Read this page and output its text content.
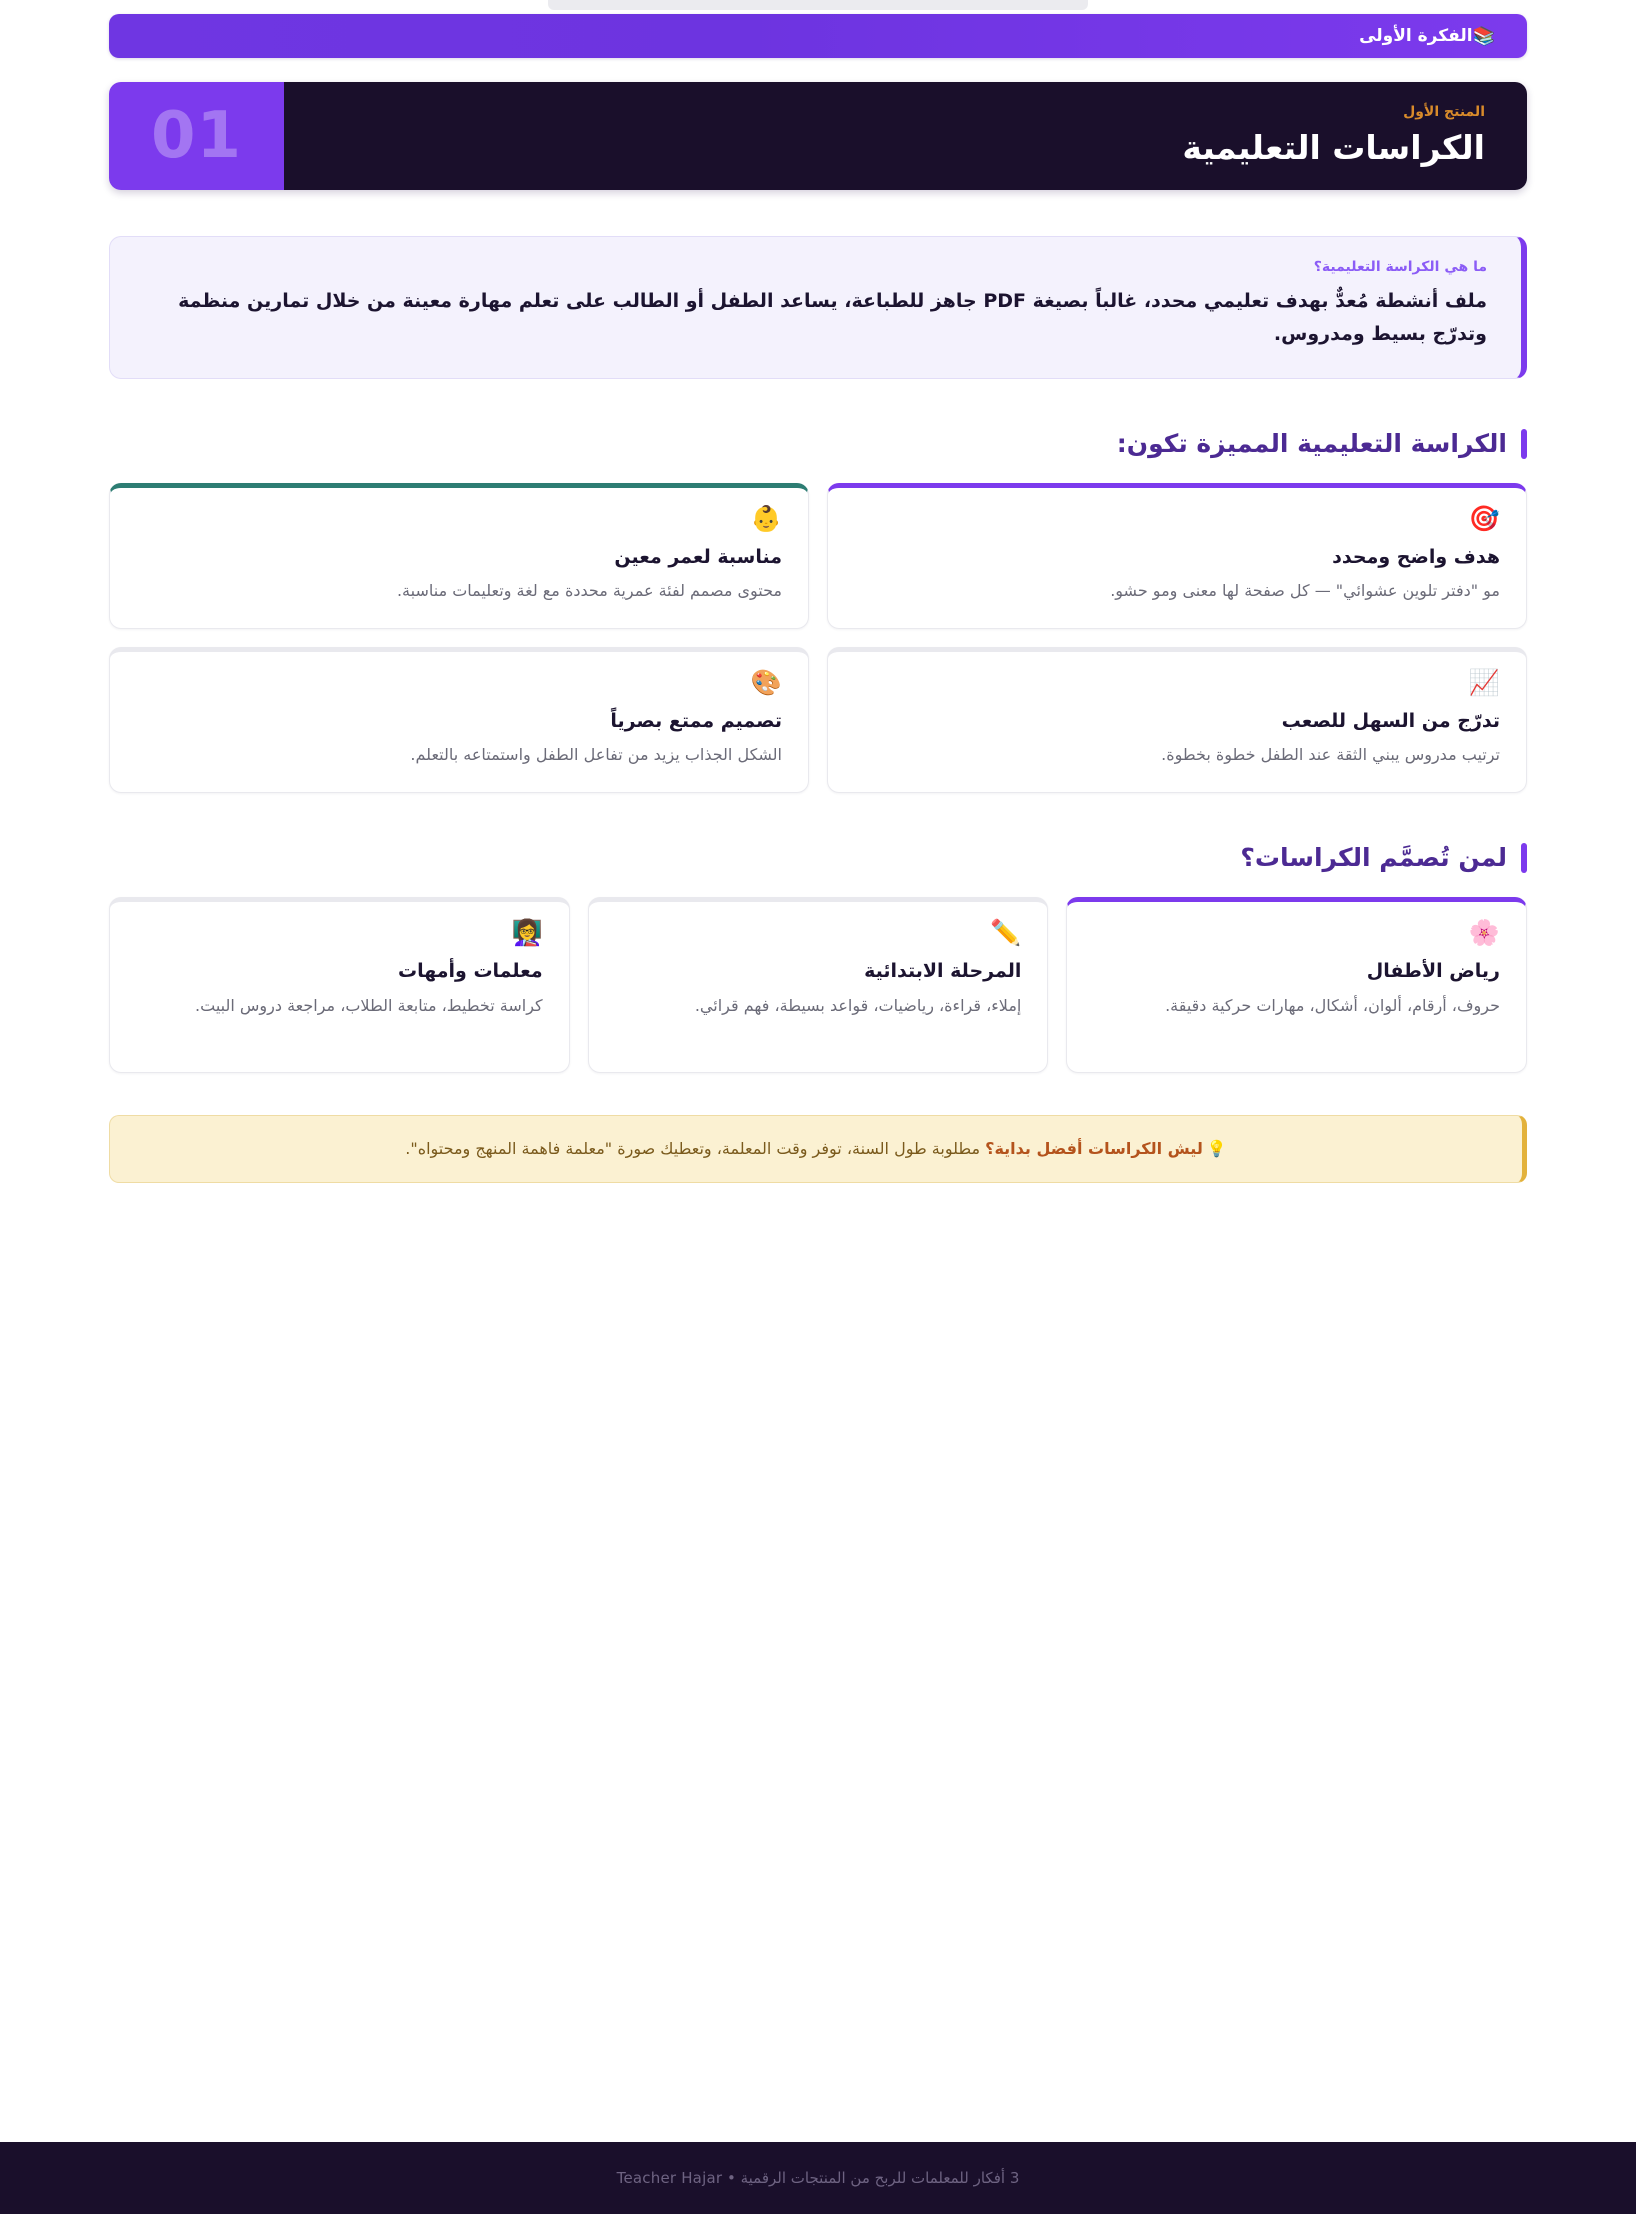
📚
الفكرة الأولى
المنتج الأول
الكراسات التعليمية
01
ما هي الكراسة التعليمية؟
ملف أنشطة مُعدٌّ بهدف تعليمي محدد، غالباً بصيغة PDF جاهز للطباعة، يساعد الطفل أو الطالب على تعلم مهارة معينة من خلال تمارين منظمة وتدرّج بسيط ومدروس.
الكراسة التعليمية المميزة تكون:
🎯
هدف واضح ومحدد
مو "دفتر تلوين عشوائي" — كل صفحة لها معنى ومو حشو.
👶
مناسبة لعمر معين
محتوى مصمم لفئة عمرية محددة مع لغة وتعليمات مناسبة.
📈
تدرّج من السهل للصعب
ترتيب مدروس يبني الثقة عند الطفل خطوة بخطوة.
🎨
تصميم ممتع بصرياً
الشكل الجذاب يزيد من تفاعل الطفل واستمتاعه بالتعلم.
لمن تُصمَّم الكراسات؟
🌸
رياض الأطفال
حروف، أرقام، ألوان، أشكال، مهارات حركية دقيقة.
✏️
المرحلة الابتدائية
إملاء، قراءة، رياضيات، قواعد بسيطة، فهم قرائي.
👩‍🏫
معلمات وأمهات
كراسة تخطيط، متابعة الطلاب، مراجعة دروس البيت.
💡ليش الكراسات أفضل بداية؟ مطلوبة طول السنة، توفر وقت المعلمة، وتعطيك صورة "معلمة فاهمة المنهج ومحتواه".
3 أفكار للمعلمات للربح من المنتجات الرقمية • Teacher Hajar
